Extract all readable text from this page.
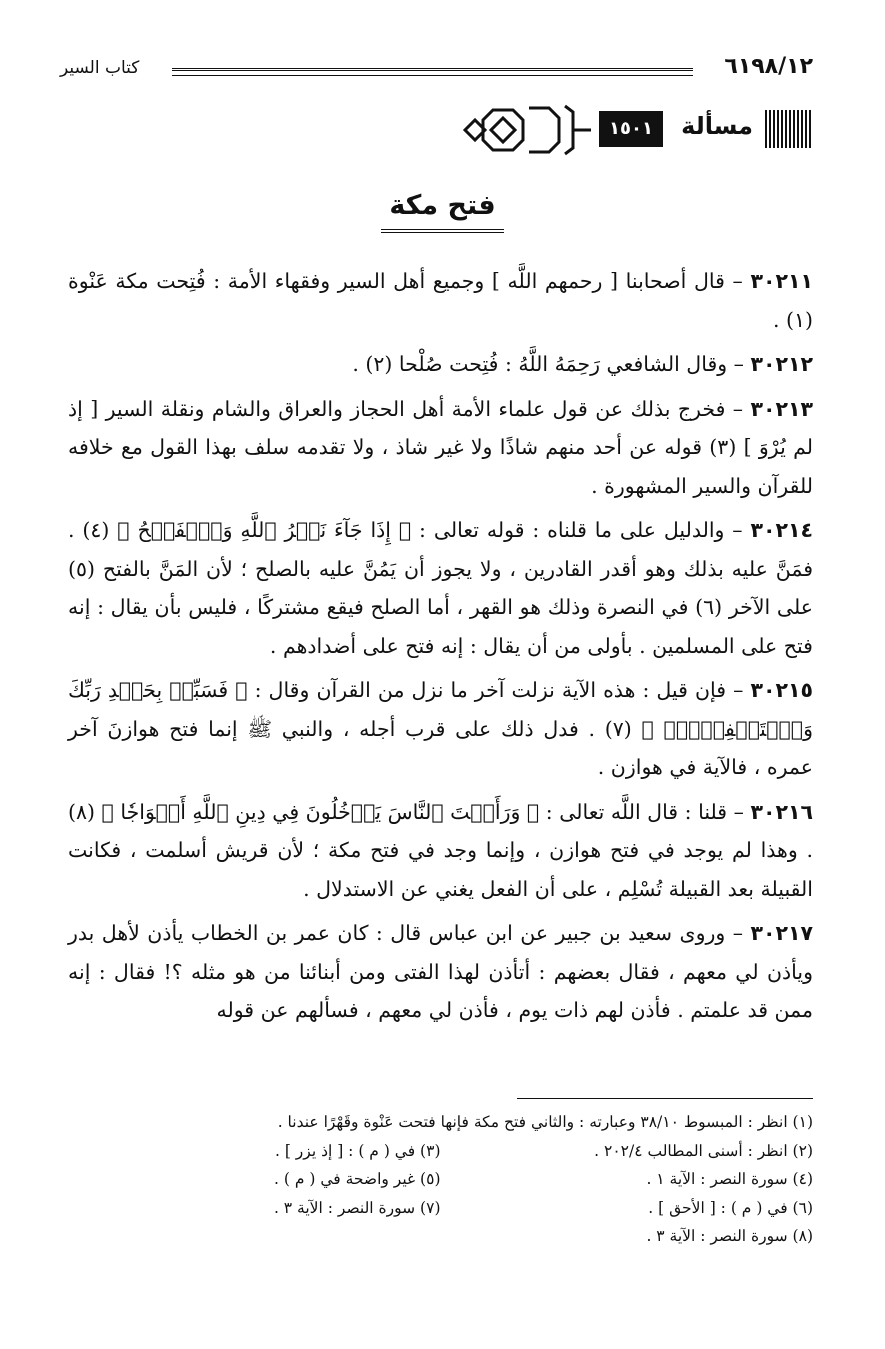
٦١٩٨/١٢
كتاب السير
مسألة
١٥٠١
فتح مكة

٣٠٢١١ – قال أصحابنا [ رحمهم اللَّه ] وجميع أهل السير وفقهاء الأمة : فُتِحت مكة عَنْوة (١) .

٣٠٢١٢ – وقال الشافعي رَحِمَهُ اللَّهُ : فُتِحت صُلْحا (٢) .

٣٠٢١٣ – فخرج بذلك عن قول علماء الأمة أهل الحجاز والعراق والشام ونقلة السير [ إذ لم يُرْوَ ] (٣) قوله عن أحد منهم شاذًا ولا غير شاذ ، ولا تقدمه سلف بهذا القول مع خلافه للقرآن والسير المشهورة .

٣٠٢١٤ – والدليل على ما قلناه : قوله تعالى : ﴿ إِذَا جَآءَ نَصۡرُ ٱللَّهِ وَٱلۡفَتۡحُ ﴾ (٤) . فمَنَّ عليه بذلك وهو أقدر القادرين ، ولا يجوز أن يَمُنَّ عليه بالصلح ؛ لأن المَنَّ بالفتح (٥) على الآخر (٦) في النصرة وذلك هو القهر ، أما الصلح فيقع مشتركًا ، فليس بأن يقال : إنه فتح على المسلمين . بأولى من أن يقال : إنه فتح على أضدادهم .

٣٠٢١٥ – فإن قيل : هذه الآية نزلت آخر ما نزل من القرآن وقال : ﴿ فَسَبِّحۡ بِحَمۡدِ رَبِّكَ وَٱسۡتَغۡفِرۡهُۚ ﴾ (٧) . فدل ذلك على قرب أجله ، والنبي ﷺ إنما فتح هوازنَ آخر عمره ، فالآية في هوازن .

٣٠٢١٦ – قلنا : قال اللَّه تعالى : ﴿ وَرَأَيۡتَ ٱلنَّاسَ يَدۡخُلُونَ فِي دِينِ ٱللَّهِ أَفۡوَاجٗا ﴾ (٨) . وهذا لم يوجد في فتح هوازن ، وإنما وجد في فتح مكة ؛ لأن قريش أسلمت ، فكانت القبيلة بعد القبيلة تُسْلِم ، على أن الفعل يغني عن الاستدلال .

٣٠٢١٧ – وروى سعيد بن جبير عن ابن عباس قال : كان عمر بن الخطاب يأذن لأهل بدر ويأذن لي معهم ، فقال بعضهم : أتأذن لهذا الفتى ومن أبنائنا من هو مثله ؟! فقال : إنه ممن قد علمتم . فأذن لهم ذات يوم ، فأذن لي معهم ، فسألهم عن قوله

(١) انظر : المبسوط ٣٨/١٠ وعبارته : والثاني فتح مكة فإنها فتحت عَنْوة وقَهْرًا عندنا .
(٢) انظر : أسنى المطالب ٢٠٢/٤ .
(٣) في ( م ) : [ إذ يزر ] .
(٤) سورة النصر : الآية ١ .
(٥) غير واضحة في ( م ) .
(٦) في ( م ) : [ الأحق ] .
(٧) سورة النصر : الآية ٣ .
(٨) سورة النصر : الآية ٣ .
